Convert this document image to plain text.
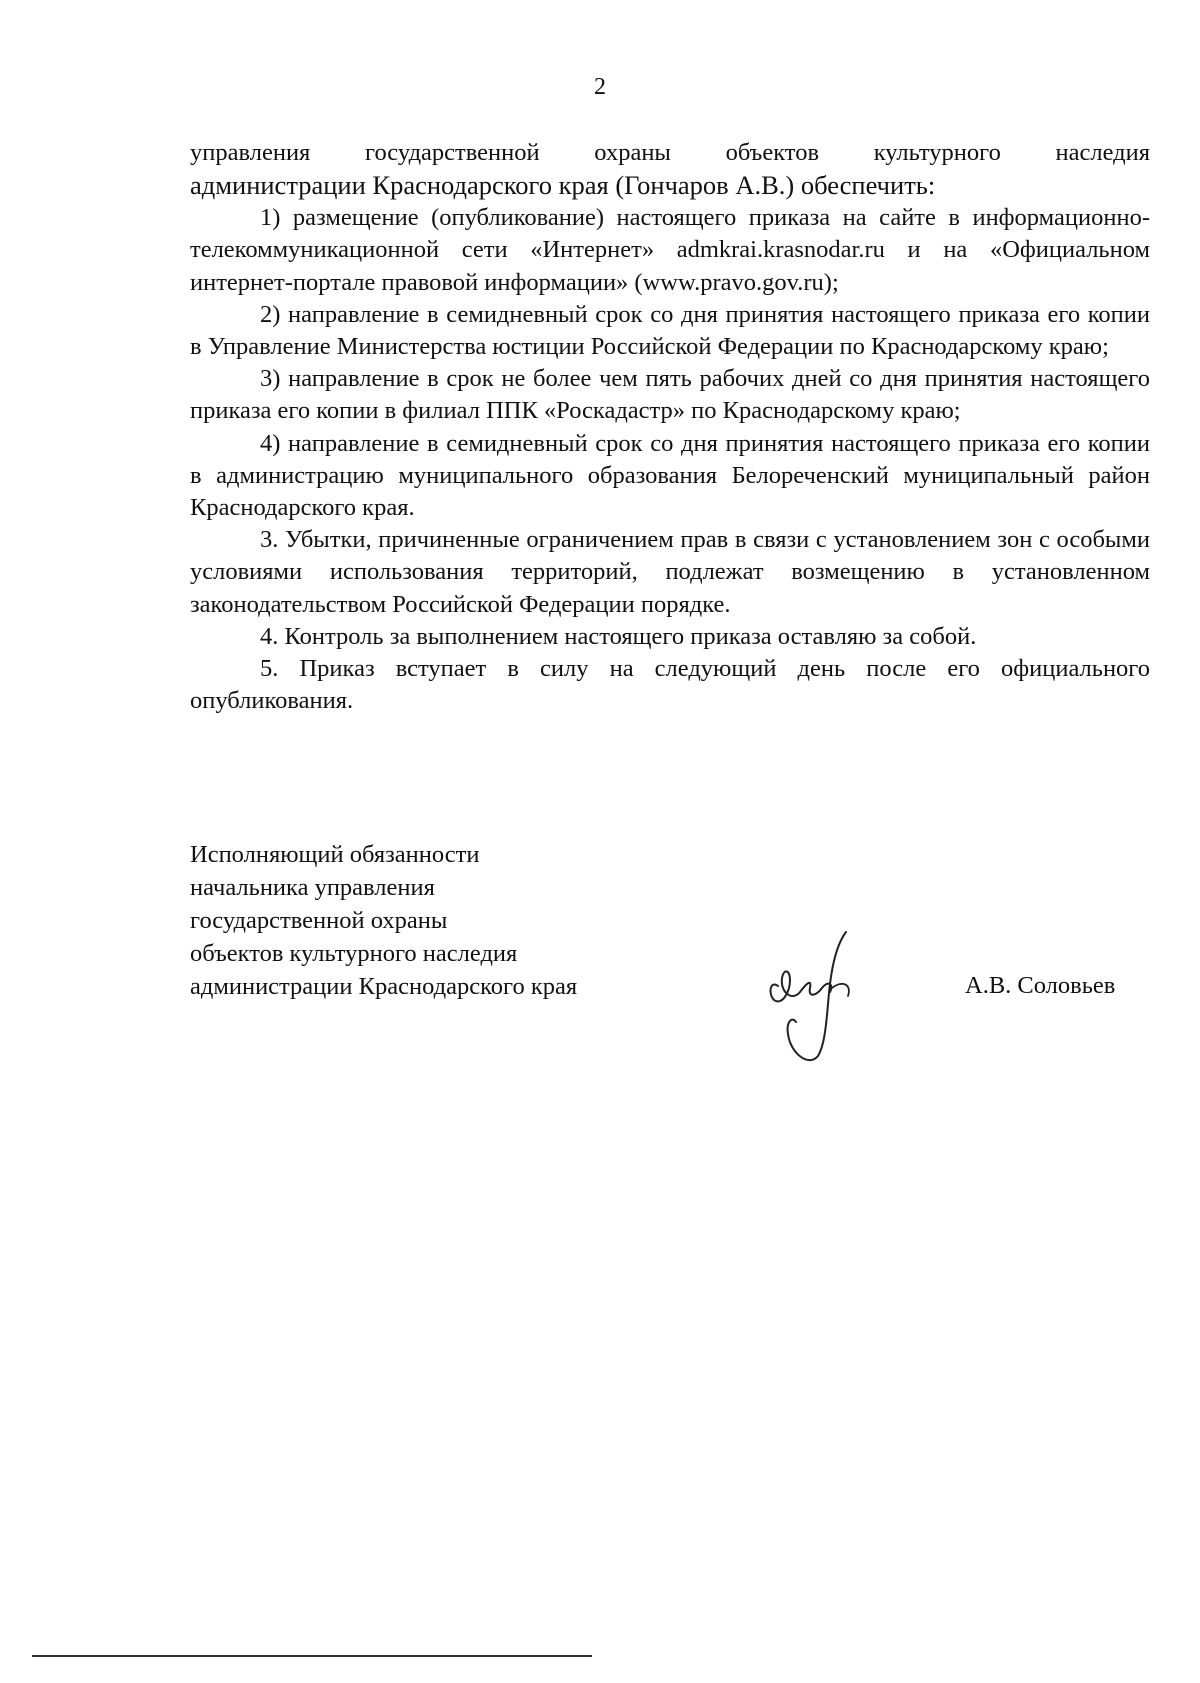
2

управления государственной охраны объектов культурного наследия

администрации Краснодарского края (Гончаров А.В.) обеспечить:

1) размещение (опубликование) настоящего приказа на сайте в информационно-телекоммуникационной сети «Интернет» admkrai.krasnodar.ru и на «Официальном интернет-портале правовой информации» (www.pravo.gov.ru);

2) направление в семидневный срок со дня принятия настоящего приказа его копии в Управление Министерства юстиции Российской Федерации по Краснодарскому краю;

3) направление в срок не более чем пять рабочих дней со дня принятия настоящего приказа его копии в филиал ППК «Роскадастр» по Краснодарскому краю;

4) направление в семидневный срок со дня принятия настоящего приказа его копии в администрацию муниципального образования Белореченский муниципальный район Краснодарского края.

3. Убытки, причиненные ограничением прав в связи с установлением зон с особыми условиями использования территорий, подлежат возмещению в установленном законодательством Российской Федерации порядке.

4. Контроль за выполнением настоящего приказа оставляю за собой.

5. Приказ вступает в силу на следующий день после его официального опубликования.

Исполняющий обязанности
начальника управления
государственной охраны
объектов культурного наследия
администрации Краснодарского края	А.В. Соловьев
